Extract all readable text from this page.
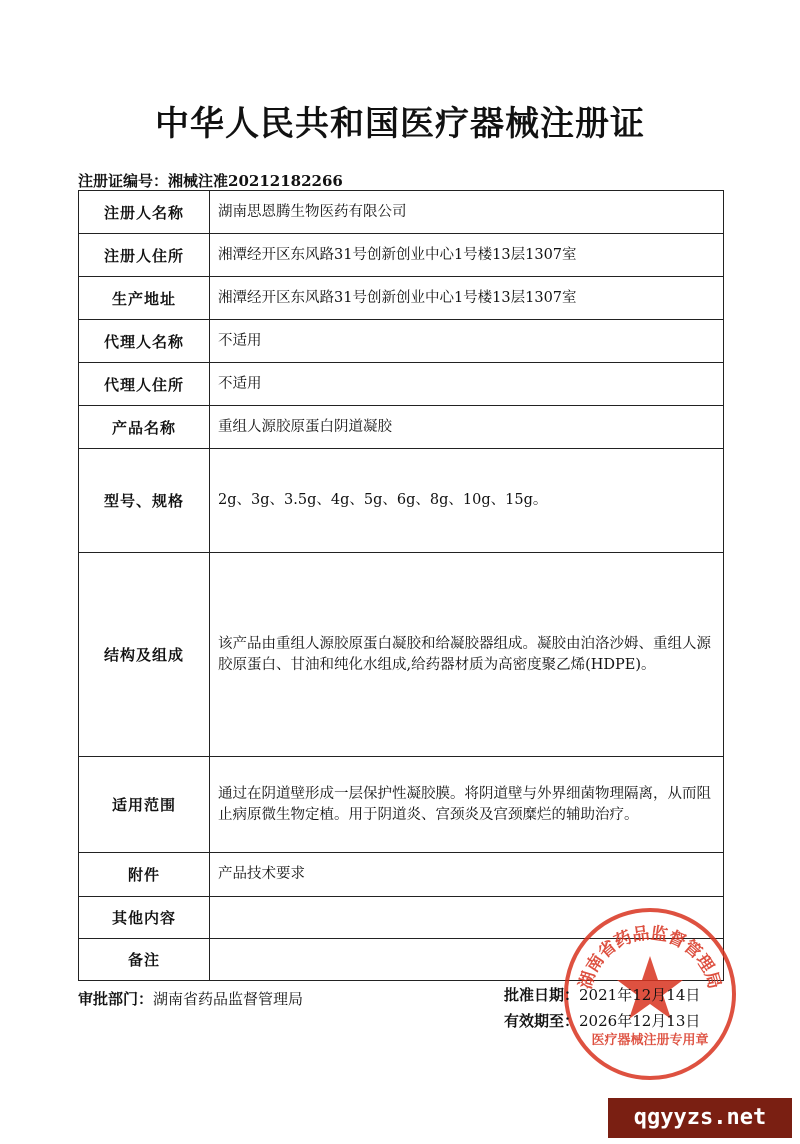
中华人民共和国医疗器械注册证
注册证编号：湘械注准20212182266
注册人名称	湖南思恩腾生物医药有限公司
注册人住所	湘潭经开区东风路31号创新创业中心1号楼13层1307室
生产地址	湘潭经开区东风路31号创新创业中心1号楼13层1307室
代理人名称	不适用
代理人住所	不适用
产品名称	重组人源胶原蛋白阴道凝胶
型号、规格	2g、3g、3.5g、4g、5g、6g、8g、10g、15g。
结构及组成	该产品由重组人源胶原蛋白凝胶和给凝胶器组成。凝胶由泊洛沙姆、重组人源胶原蛋白、甘油和纯化水组成,给药器材质为高密度聚乙烯(HDPE)。
适用范围	通过在阴道壁形成一层保护性凝胶膜。将阴道壁与外界细菌物理隔离，从而阻止病原微生物定植。用于阴道炎、宫颈炎及宫颈糜烂的辅助治疗。
附件	产品技术要求
其他内容	
备注	
审批部门：湖南省药品监督管理局
湖南省药品监督管理局
医疗器械注册专用章
批准日期：2021年12月14日
有效期至：2026年12月13日
qgyyzs.net
